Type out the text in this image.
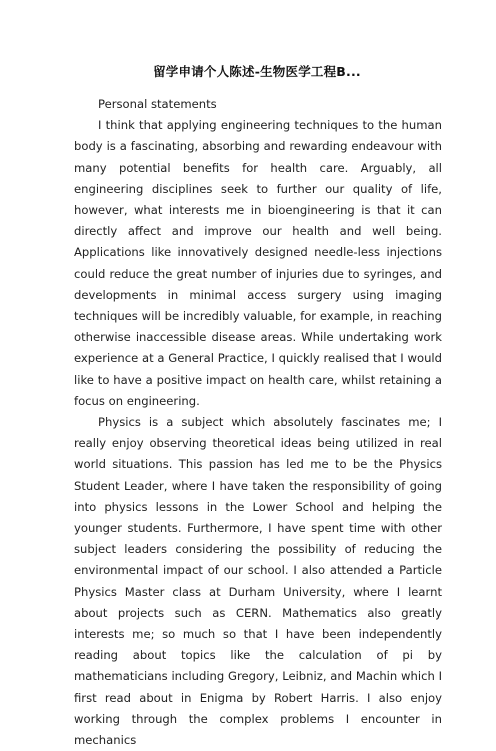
留学申请个人陈述-生物医学工程B...

Personal statements

I think that applying engineering techniques to the human body is a fascinating, absorbing and rewarding endeavour with many potential benefits for health care. Arguably, all engineering disciplines seek to further our quality of life, however, what interests me in bioengineering is that it can directly affect and improve our health and well being. Applications like innovatively designed needle-less injections could reduce the great number of injuries due to syringes, and developments in minimal access surgery using imaging techniques will be incredibly valuable, for example, in reaching otherwise inaccessible disease areas. While undertaking work experience at a General Practice, I quickly realised that I would like to have a positive impact on health care, whilst retaining a focus on engineering.

Physics is a subject which absolutely fascinates me; I really enjoy observing theoretical ideas being utilized in real world situations. This passion has led me to be the Physics Student Leader, where I have taken the responsibility of going into physics lessons in the Lower School and helping the younger students. Furthermore, I have spent time with other subject leaders considering the possibility of reducing the environmental impact of our school. I also attended a Particle Physics Master class at Durham University, where I learnt about projects such as CERN. Mathematics also greatly interests me; so much so that I have been independently reading about topics like the calculation of pi by mathematicians including Gregory, Leibniz, and Machin which I first read about in Enigma by Robert Harris. I also enjoy working through the complex problems I encounter in mechanics
